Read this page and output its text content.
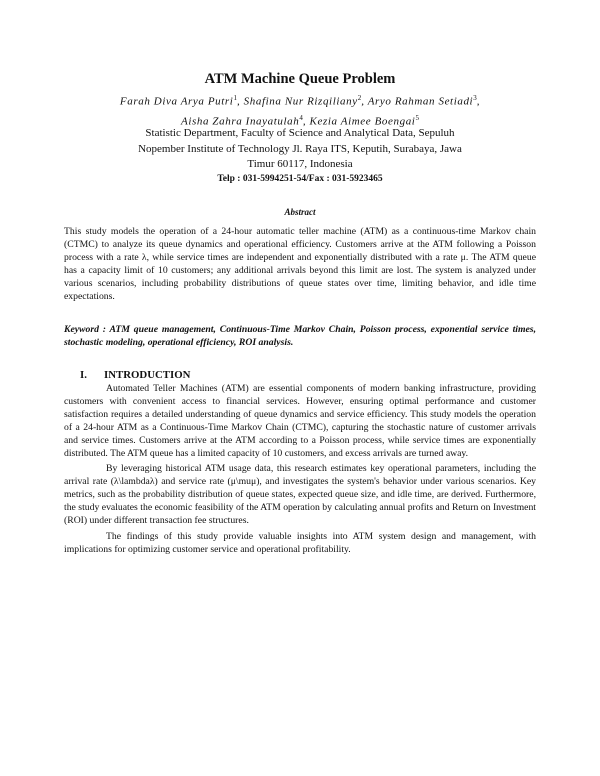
ATM Machine Queue Problem
Farah Diva Arya Putri$^1$, Shafina Nur Rizqiliany$^2$, Aryo Rahman Setiadi$^3$,
Aisha Zahra Inayatulah$^4$, Kezia Aimee Boengai$^5$
Statistic Department, Faculty of Science and Analytical Data, Sepuluh
Nopember Institute of Technology Jl. Raya ITS, Keputih, Surabaya, Jawa
Timur 60117, Indonesia
Telp : 031-5994251-54/Fax : 031-5923465
Abstract

This study models the operation of a 24-hour automatic teller machine (ATM) as a continuous-time Markov chain (CTMC) to analyze its queue dynamics and operational efficiency. Customers arrive at the ATM following a Poisson process with a rate λ, while service times are independent and exponentially distributed with a rate μ. The ATM queue has a capacity limit of 10 customers; any additional arrivals beyond this limit are lost. The system is analyzed under various scenarios, including probability distributions of queue states over time, limiting behavior, and idle time expectations.

Keyword : ATM queue management, Continuous-Time Markov Chain, Poisson process, exponential service times, stochastic modeling, operational efficiency, ROI analysis.

I. INTRODUCTION

Automated Teller Machines (ATM) are essential components of modern banking infrastructure, providing customers with convenient access to financial services. However, ensuring optimal performance and customer satisfaction requires a detailed understanding of queue dynamics and service efficiency. This study models the operation of a 24-hour ATM as a Continuous-Time Markov Chain (CTMC), capturing the stochastic nature of customer arrivals and service times. Customers arrive at the ATM according to a Poisson process, while service times are exponentially distributed. The ATM queue has a limited capacity of 10 customers, and excess arrivals are turned away.

By leveraging historical ATM usage data, this research estimates key operational parameters, including the arrival rate (λ\lambdaλ) and service rate (μ\muμ), and investigates the system's behavior under various scenarios. Key metrics, such as the probability distribution of queue states, expected queue size, and idle time, are derived. Furthermore, the study evaluates the economic feasibility of the ATM operation by calculating annual profits and Return on Investment (ROI) under different transaction fee structures.

The findings of this study provide valuable insights into ATM system design and management, with implications for optimizing customer service and operational profitability.
